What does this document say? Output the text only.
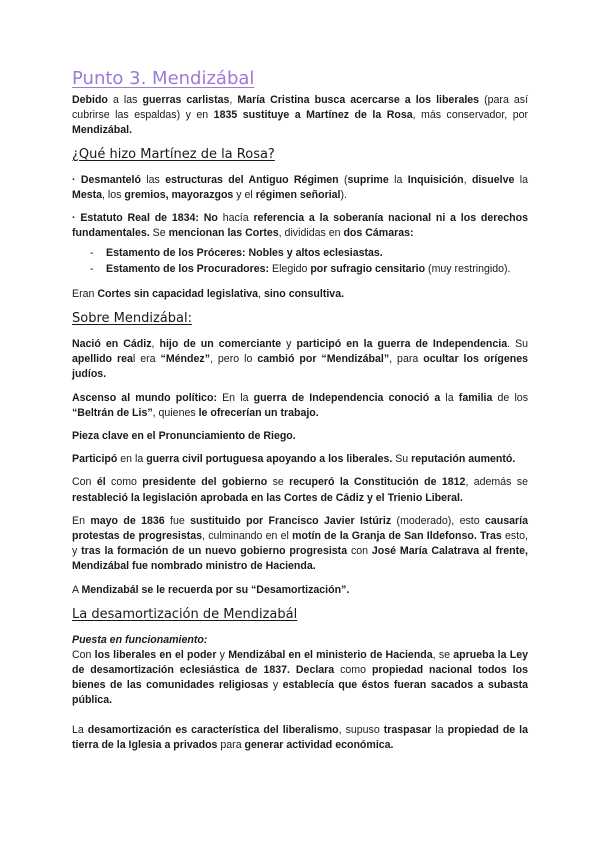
Punto 3. Mendizábal

Debido a las guerras carlistas, María Cristina busca acercarse a los liberales (para así cubrirse las espaldas) y en 1835 sustituye a Martínez de la Rosa, más conservador, por Mendizábal.

¿Qué hizo Martínez de la Rosa?

· Desmanteló las estructuras del Antiguo Régimen (suprime la Inquisición, disuelve la Mesta, los gremios, mayorazgos y el régimen señorial).

· Estatuto Real de 1834: No hacía referencia a la soberanía nacional ni a los derechos fundamentales. Se mencionan las Cortes, divididas en dos Cámaras:

- Estamento de los Próceres: Nobles y altos eclesiastas.
- Estamento de los Procuradores: Elegido por sufragio censitario (muy restringido).

Eran Cortes sin capacidad legislativa, sino consultiva.

Sobre Mendizábal:

Nació en Cádiz, hijo de un comerciante y participó en la guerra de Independencia. Su apellido real era “Méndez”, pero lo cambió por “Mendizábal”, para ocultar los orígenes judíos.

Ascenso al mundo político: En la guerra de Independencia conoció a la familia de los “Beltrán de Lis”, quienes le ofrecerían un trabajo.

Pieza clave en el Pronunciamiento de Riego.

Participó en la guerra civil portuguesa apoyando a los liberales. Su reputación aumentó.

Con él como presidente del gobierno se recuperó la Constitución de 1812, además se restableció la legislación aprobada en las Cortes de Cádiz y el Trienio Liberal.

En mayo de 1836 fue sustituido por Francisco Javier Istúriz (moderado), esto causaría protestas de progresistas, culminando en el motín de la Granja de San Ildefonso. Tras esto, y tras la formación de un nuevo gobierno progresista con José María Calatrava al frente, Mendizábal fue nombrado ministro de Hacienda.

A Mendizabál se le recuerda por su “Desamortización”.

La desamortización de Mendizabál
Puesta en funcionamiento:

Con los liberales en el poder y Mendizábal en el ministerio de Hacienda, se aprueba la Ley de desamortización eclesiástica de 1837. Declara como propiedad nacional todos los bienes de las comunidades religiosas y establecía que éstos fueran sacados a subasta pública.

La desamortización es característica del liberalismo, supuso traspasar la propiedad de la tierra de la Iglesia a privados para generar actividad económica.
